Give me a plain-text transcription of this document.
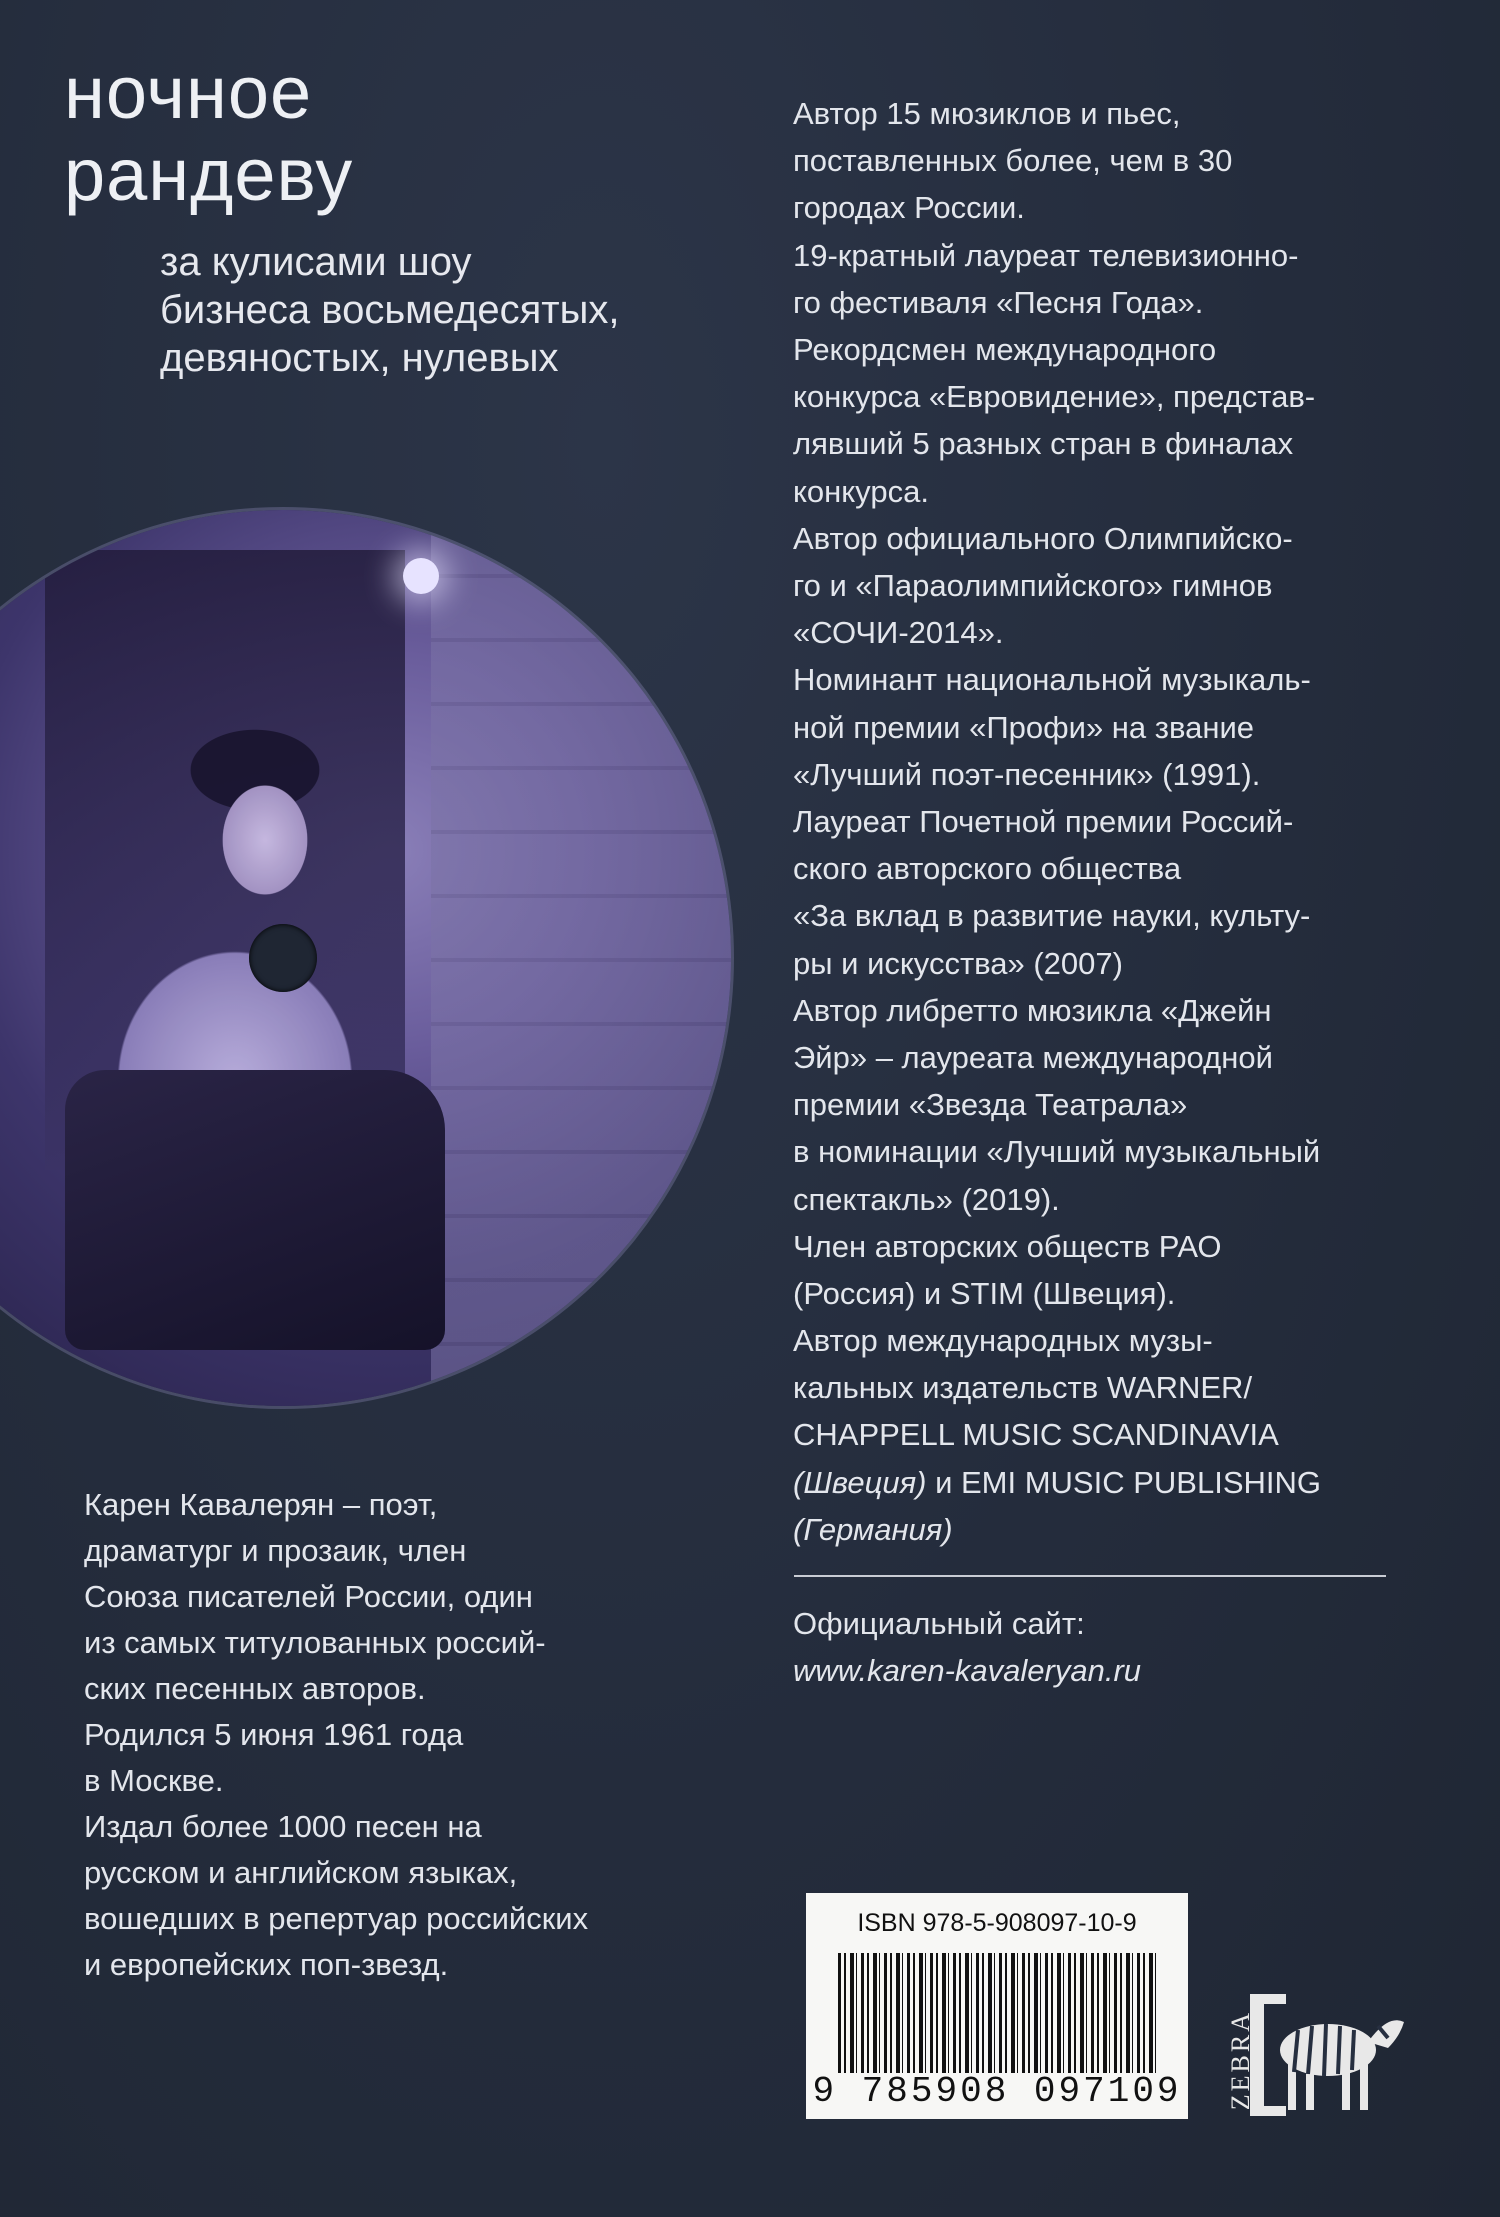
ночное
рандеву
за кулисами шоу
бизнеса восьмедесятых,
девяностых, нулевых
Автор 15 мюзиклов и пьес,
поставленных более, чем в 30
городах России.
19-кратный лауреат телевизионно-
го фестиваля «Песня Года».
Рекордсмен международного
конкурса «Евровидение», представ-
лявший 5 разных стран в финалах
конкурса.
Автор официального Олимпийско-
го и «Параолимпийского» гимнов
«СОЧИ-2014».
Номинант национальной музыкаль-
ной премии «Профи» на звание
«Лучший поэт-песенник» (1991).
Лауреат Почетной премии Россий-
ского авторского общества
«За вклад в развитие науки, культу-
ры и искусства» (2007)
Автор либретто мюзикла «Джейн
Эйр» – лауреата международной
премии «Звезда Театрала»
в номинации «Лучший музыкальный
спектакль» (2019).
Член авторских обществ РАО
(Россия) и STIM (Швеция).
Автор международных музы-
кальных издательств WARNER/
CHAPPELL MUSIC SCANDINAVIA
(Швеция) и EMI MUSIC PUBLISHING
(Германия)
Официальный сайт:
www.karen-kavaleryan.ru
Карен Кавалерян – поэт,
драматург и прозаик, член
Союза писателей России, один
из самых титулованных россий-
ских песенных авторов.
Родился 5 июня 1961 года
в Москве.
Издал более 1000 песен на
русском и английском языках,
вошедших в репертуар российских
и европейских поп-звезд.
ISBN 978-5-908097-10-9
9 785908 097109 ZEBRA
